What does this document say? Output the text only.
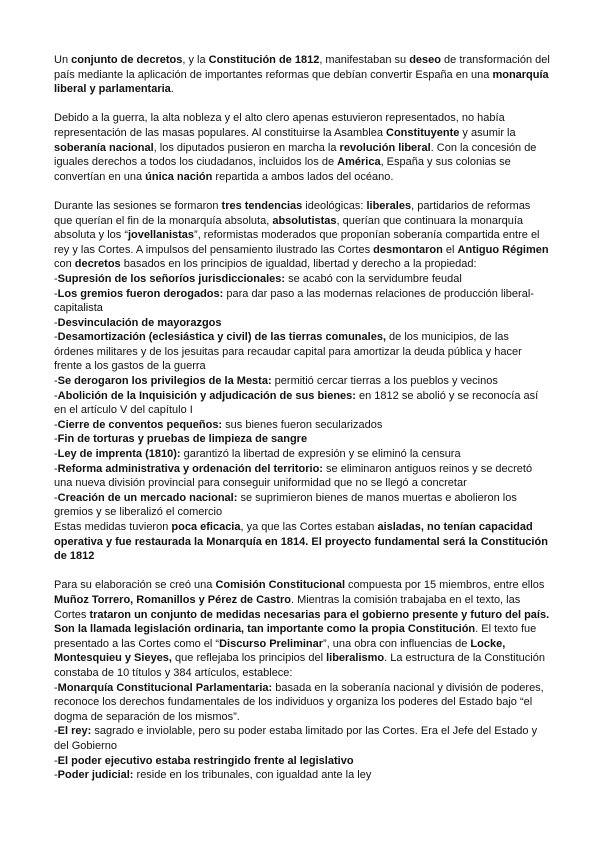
Un conjunto de decretos, y la Constitución de 1812, manifestaban su deseo de transformación del país mediante la aplicación de importantes reformas que debían convertir España en una monarquía liberal y parlamentaria.

Debido a la guerra, la alta nobleza y el alto clero apenas estuvieron representados, no había representación de las masas populares. Al constituirse la Asamblea Constituyente y asumir la soberanía nacional, los diputados pusieron en marcha la revolución liberal. Con la concesión de iguales derechos a todos los ciudadanos, incluidos los de América, España y sus colonias se convertían en una única nación repartida a ambos lados del océano.

Durante las sesiones se formaron tres tendencias ideológicas: liberales, partidarios de reformas que querían el fin de la monarquía absoluta, absolutistas, querían que continuara la monarquía absoluta y los “jovellanistas”, reformistas moderados que proponían soberanía compartida entre el rey y las Cortes. A impulsos del pensamiento ilustrado las Cortes desmontaron el Antiguo Régimen con decretos basados en los principios de igualdad, libertad y derecho a la propiedad:

-Supresión de los señoríos jurisdiccionales: se acabó con la servidumbre feudal

-Los gremios fueron derogados: para dar paso a las modernas relaciones de producción liberal-capitalista

-Desvinculación de mayorazgos

-Desamortización (eclesiástica y civil) de las tierras comunales, de los municipios, de las órdenes militares y de los jesuitas para recaudar capital para amortizar la deuda pública y hacer frente a los gastos de la guerra

-Se derogaron los privilegios de la Mesta: permitió cercar tierras a los pueblos y vecinos

-Abolición de la Inquisición y adjudicación de sus bienes: en 1812 se abolió y se reconocía así en el artículo V del capítulo I

-Cierre de conventos pequeños: sus bienes fueron secularizados

-Fin de torturas y pruebas de limpieza de sangre

-Ley de imprenta (1810): garantizó la libertad de expresión y se eliminó la censura

-Reforma administrativa y ordenación del territorio: se eliminaron antiguos reinos y se decretó una nueva división provincial para conseguir uniformidad que no se llegó a concretar

-Creación de un mercado nacional: se suprimieron bienes de manos muertas e abolieron los gremios y se liberalizó el comercio

Estas medidas tuvieron poca eficacia, ya que las Cortes estaban aisladas, no tenían capacidad operativa y fue restaurada la Monarquía en 1814. El proyecto fundamental será la Constitución de 1812

Para su elaboración se creó una Comisión Constitucional compuesta por 15 miembros, entre ellos Muñoz Torrero, Romanillos y Pérez de Castro. Mientras la comisión trabajaba en el texto, las Cortes trataron un conjunto de medidas necesarias para el gobierno presente y futuro del país. Son la llamada legislación ordinaria, tan importante como la propia Constitución. El texto fue presentado a las Cortes como el “Discurso Preliminar”, una obra con influencias de Locke, Montesquieu y Sieyes, que reflejaba los principios del liberalismo. La estructura de la Constitución constaba de 10 títulos y 384 artículos, establece:

-Monarquía Constitucional Parlamentaria: basada en la soberanía nacional y división de poderes, reconoce los derechos fundamentales de los individuos y organiza los poderes del Estado bajo “el dogma de separación de los mismos”.

-El rey: sagrado e inviolable, pero su poder estaba limitado por las Cortes. Era el Jefe del Estado y del Gobierno

-El poder ejecutivo estaba restringido frente al legislativo

-Poder judicial: reside en los tribunales, con igualdad ante la ley
